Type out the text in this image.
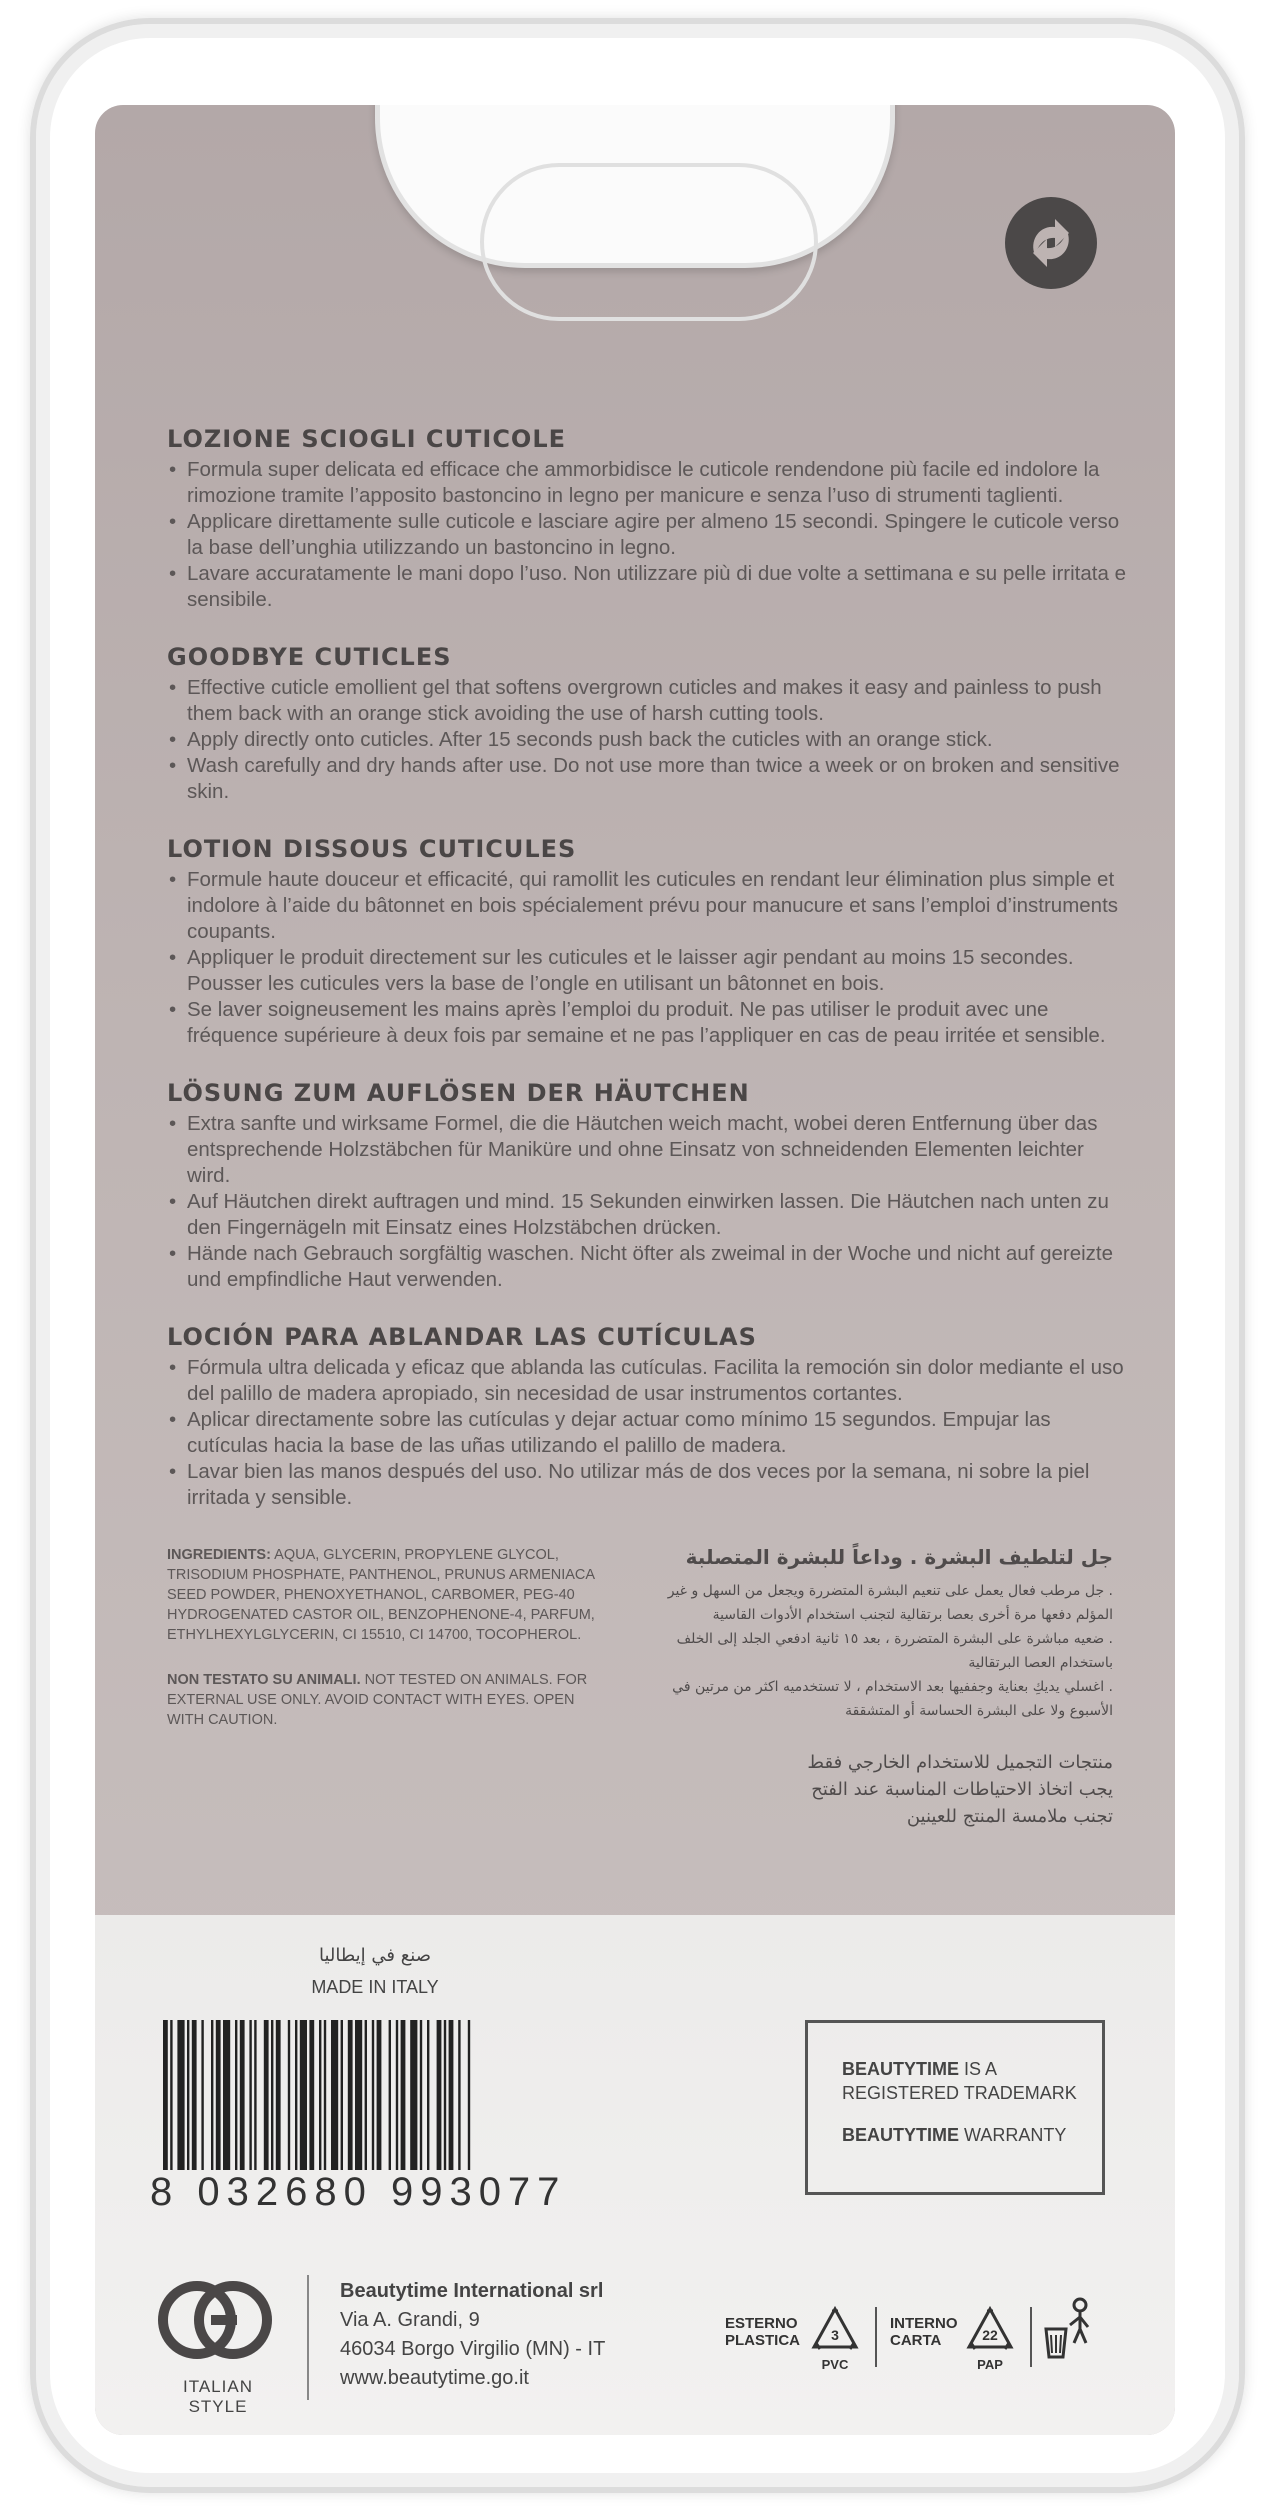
LOZIONE SCIOGLI CUTICOLE
• Formula super delicata ed efficace che ammorbidisce le cuticole rendendone più facile ed indolore la rimozione tramite l’apposito bastoncino in legno per manicure e senza l’uso di strumenti taglienti.
• Applicare direttamente sulle cuticole e lasciare agire per almeno 15 secondi. Spingere le cuticole verso la base dell’unghia utilizzando un bastoncino in legno.
• Lavare accuratamente le mani dopo l’uso. Non utilizzare più di due volte a settimana e su pelle irritata e sensibile.
GOODBYE CUTICLES
• Effective cuticle emollient gel that softens overgrown cuticles and makes it easy and painless to push them back with an orange stick avoiding the use of harsh cutting tools.
• Apply directly onto cuticles. After 15 seconds push back the cuticles with an orange stick.
• Wash carefully and dry hands after use. Do not use more than twice a week or on broken and sensitive skin.
LOTION DISSOUS CUTICULES
• Formule haute douceur et efficacité, qui ramollit les cuticules en rendant leur élimination plus simple et indolore à l’aide du bâtonnet en bois spécialement prévu pour manucure et sans l’emploi d’instruments coupants.
• Appliquer le produit directement sur les cuticules et le laisser agir pendant au moins 15 secondes. Pousser les cuticules vers la base de l’ongle en utilisant un bâtonnet en bois.
• Se laver soigneusement les mains après l’emploi du produit. Ne pas utiliser le produit avec une fréquence supérieure à deux fois par semaine et ne pas l’appliquer en cas de peau irritée et sensible.
LÖSUNG ZUM AUFLÖSEN DER HÄUTCHEN
• Extra sanfte und wirksame Formel, die die Häutchen weich macht, wobei deren Entfernung über das entsprechende Holzstäbchen für Maniküre und ohne Einsatz von schneidenden Elementen leichter wird.
• Auf Häutchen direkt auftragen und mind. 15 Sekunden einwirken lassen. Die Häutchen nach unten zu den Fingernägeln mit Einsatz eines Holzstäbchen drücken.
• Hände nach Gebrauch sorgfältig waschen. Nicht öfter als zweimal in der Woche und nicht auf gereizte und empfindliche Haut verwenden.
LOCIÓN PARA ABLANDAR LAS CUTÍCULAS
• Fórmula ultra delicada y eficaz que ablanda las cutículas. Facilita la remoción sin dolor mediante el uso del palillo de madera apropiado, sin necesidad de usar instrumentos cortantes.
• Aplicar directamente sobre las cutículas y dejar actuar como mínimo 15 segundos. Empujar las cutículas hacia la base de las uñas utilizando el palillo de madera.
• Lavar bien las manos después del uso. No utilizar más de dos veces por la semana, ni sobre la piel irritada y sensible.
INGREDIENTS: AQUA, GLYCERIN, PROPYLENE GLYCOL, TRISODIUM PHOSPHATE, PANTHENOL, PRUNUS ARMENIACA SEED POWDER, PHENOXYETHANOL, CARBOMER, PEG-40 HYDROGENATED CASTOR OIL, BENZOPHENONE-4, PARFUM, ETHYLHEXYLGLYCERIN, CI 15510, CI 14700, TOCOPHEROL.
NON TESTATO SU ANIMALI. NOT TESTED ON ANIMALS. FOR EXTERNAL USE ONLY. AVOID CONTACT WITH EYES. OPEN WITH CAUTION.
جل لتلطيف البشرة . وداعاً للبشرة المتصلبة
. جل مرطب فعال يعمل على تنعيم البشرة المتضررة ويجعل من السهل و غير المؤلم دفعها مرة أخرى بعصا برتقالية لتجنب استخدام الأدوات القاسية
. ضعيه مباشرة على البشرة المتضررة ، بعد ١٥ ثانية ادفعي الجلد إلى الخلف باستخدام العصا البرتقالية
. اغسلي يديكِ بعناية وجففيها بعد الاستخدام ، لا تستخدميه اكثر من مرتين في الأسبوع ولا على البشرة الحساسة أو المتشققة
منتجات التجميل للاستخدام الخارجي فقط
يجب اتخاذ الاحتياطات المناسبة عند الفتح
تجنب ملامسة المنتج للعينين
صنع في إيطاليا
MADE IN ITALY
8 032680 993077
BEAUTYTIME IS A
REGISTERED TRADEMARK
BEAUTYTIME WARRANTY
ITALIAN STYLE
Beautytime International srl
Via A. Grandi, 9
46034 Borgo Virgilio (MN) - IT
www.beautytime.go.it
ESTERNO
PLASTICA	3
PVC
INTERNO
CARTA	22
PAP
